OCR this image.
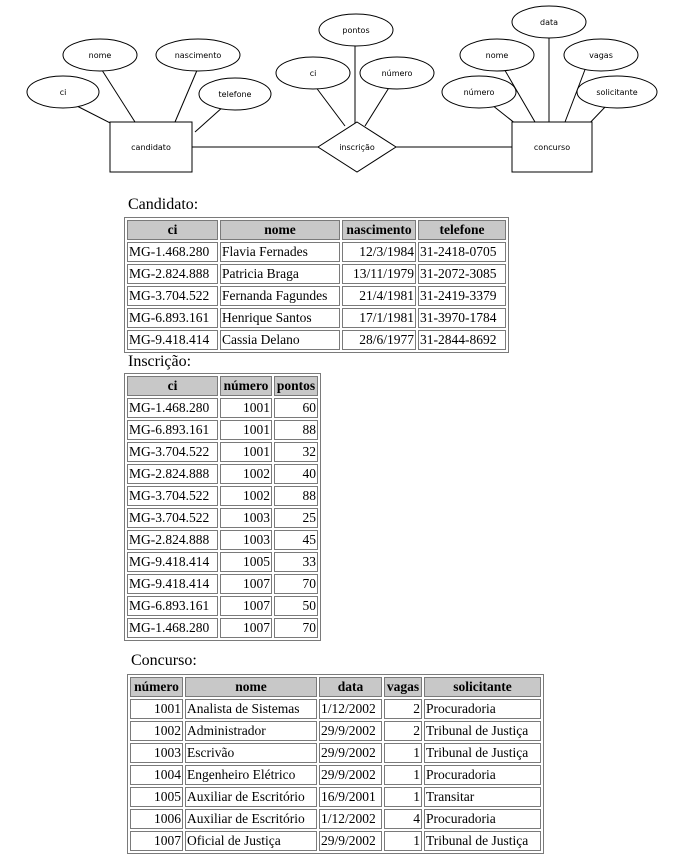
ci
nome	nascimento
telefone
ci
pontos
número
número
nome
data
vagas
solicitante
candidato	concurso
inscrição
Candidato:
ci	nome	nascimento	telefone
MG-1.468.280	Flavia Fernades	12/3/1984	31-2418-0705
MG-2.824.888	Patricia Braga	13/11/1979	31-2072-3085
MG-3.704.522	Fernanda Fagundes	21/4/1981	31-2419-3379
MG-6.893.161	Henrique Santos	17/1/1981	31-3970-1784
MG-9.418.414	Cassia Delano	28/6/1977	31-2844-8692
Inscrição:
ci	número	pontos
MG-1.468.280	1001	60
MG-6.893.161	1001	88
MG-3.704.522	1001	32
MG-2.824.888	1002	40
MG-3.704.522	1002	88
MG-3.704.522	1003	25
MG-2.824.888	1003	45
MG-9.418.414	1005	33
MG-9.418.414	1007	70
MG-6.893.161	1007	50
MG-1.468.280	1007	70
Concurso:
número	nome	data	vagas	solicitante
1001	Analista de Sistemas	1/12/2002	2	Procuradoria
1002	Administrador	29/9/2002	2	Tribunal de Justiça
1003	Escrivão	29/9/2002	1	Tribunal de Justiça
1004	Engenheiro Elétrico	29/9/2002	1	Procuradoria
1005	Auxiliar de Escritório	16/9/2001	1	Transitar
1006	Auxiliar de Escritório	1/12/2002	4	Procuradoria
1007	Oficial de Justiça	29/9/2002	1	Tribunal de Justiça
